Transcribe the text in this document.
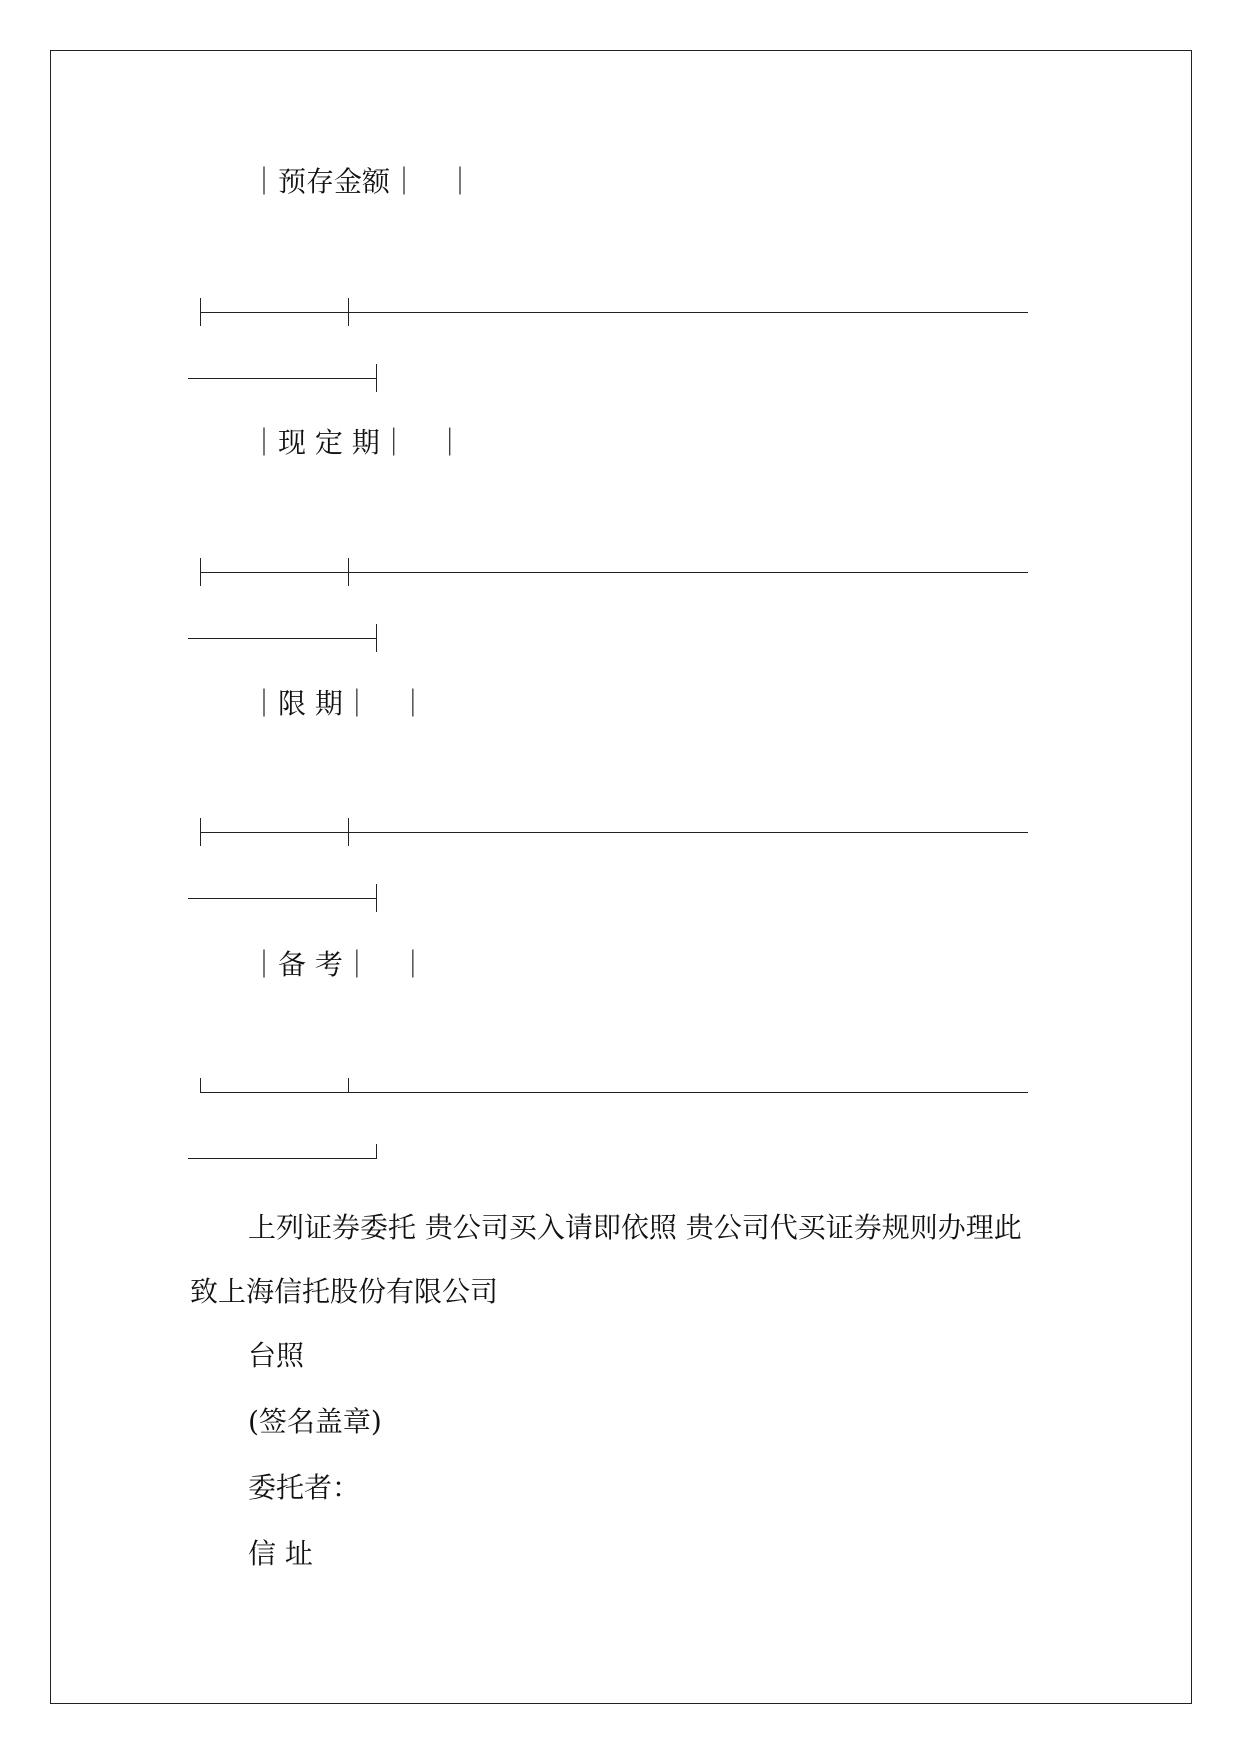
｜预存金额｜　｜
｜现 定 期｜　｜
｜限 期｜　｜
｜备 考｜　｜
上列证券委托 贵公司买入请即依照 贵公司代买证券规则办理此
致上海信托股份有限公司
台照
(签名盖章)
委托者：
信 址
